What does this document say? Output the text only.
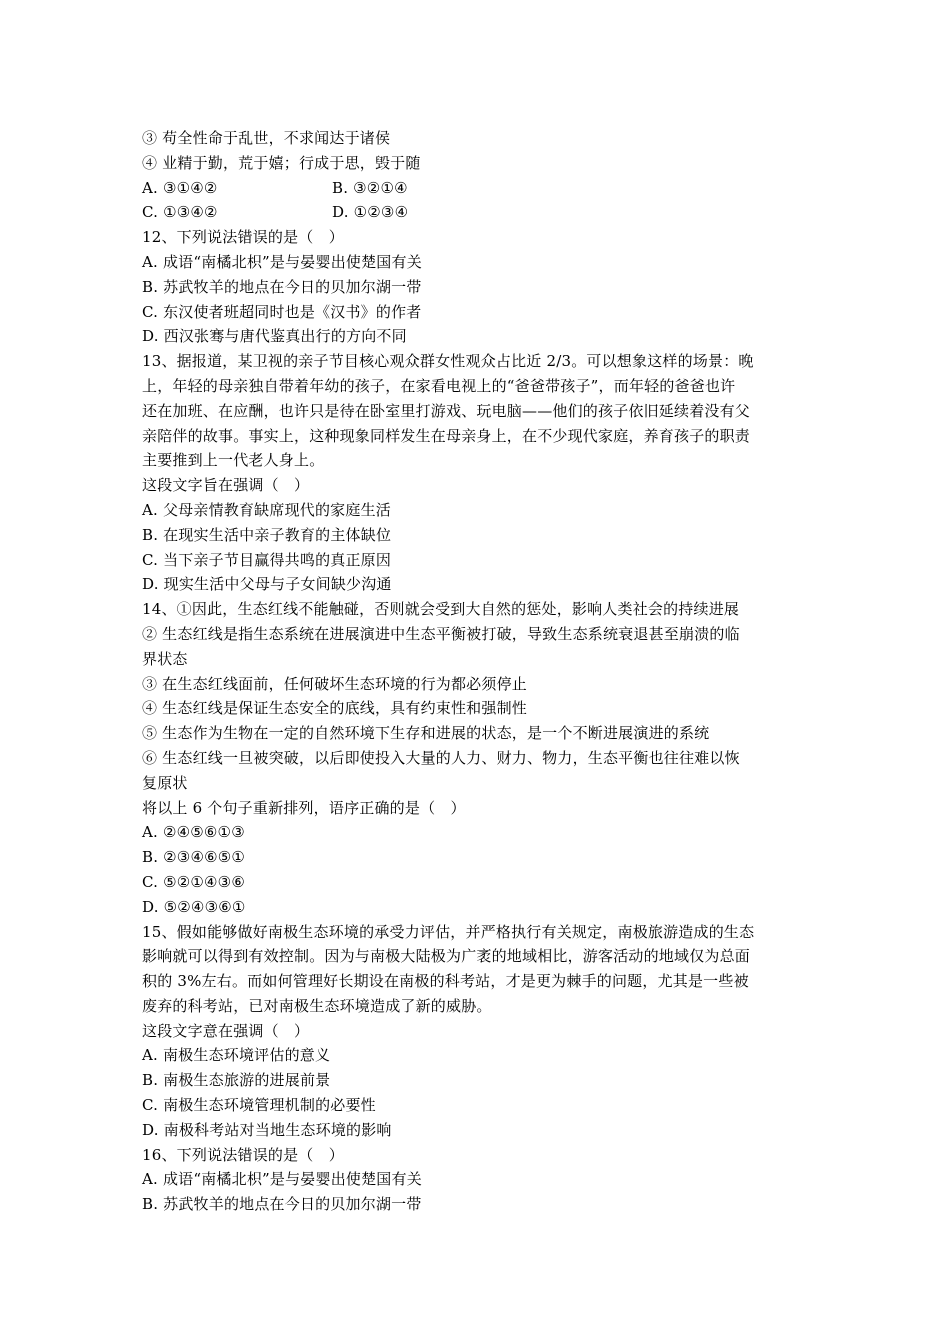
③ 苟全性命于乱世，不求闻达于诸侯
④ 业精于勤，荒于嬉；行成于思，毁于随
A. ③①④②	B. ③②①④
C. ①③④②	D. ①②③④
12、下列说法错误的是（　）
A. 成语“南橘北枳”是与晏婴出使楚国有关
B. 苏武牧羊的地点在今日的贝加尔湖一带
C. 东汉使者班超同时也是《汉书》的作者
D. 西汉张骞与唐代鉴真出行的方向不同
13、据报道，某卫视的亲子节目核心观众群女性观众占比近 2/3。可以想象这样的场景：晚
上，年轻的母亲独自带着年幼的孩子，在家看电视上的“爸爸带孩子”，而年轻的爸爸也许
还在加班、在应酬，也许只是待在卧室里打游戏、玩电脑——他们的孩子依旧延续着没有父
亲陪伴的故事。事实上，这种现象同样发生在母亲身上，在不少现代家庭，养育孩子的职责
主要推到上一代老人身上。
这段文字旨在强调（　）
A. 父母亲情教育缺席现代的家庭生活
B. 在现实生活中亲子教育的主体缺位
C. 当下亲子节目赢得共鸣的真正原因
D. 现实生活中父母与子女间缺少沟通
14、①因此，生态红线不能触碰，否则就会受到大自然的惩处，影响人类社会的持续进展
② 生态红线是指生态系统在进展演进中生态平衡被打破，导致生态系统衰退甚至崩溃的临
界状态
③ 在生态红线面前，任何破坏生态环境的行为都必须停止
④ 生态红线是保证生态安全的底线，具有约束性和强制性
⑤ 生态作为生物在一定的自然环境下生存和进展的状态，是一个不断进展演进的系统
⑥ 生态红线一旦被突破，以后即使投入大量的人力、财力、物力，生态平衡也往往难以恢
复原状
将以上 6 个句子重新排列，语序正确的是（　）
A. ②④⑤⑥①③
B. ②③④⑥⑤①
C. ⑤②①④③⑥
D. ⑤②④③⑥①
15、假如能够做好南极生态环境的承受力评估，并严格执行有关规定，南极旅游造成的生态
影响就可以得到有效控制。因为与南极大陆极为广袤的地域相比，游客活动的地域仅为总面
积的 3%左右。而如何管理好长期设在南极的科考站，才是更为棘手的问题，尤其是一些被
废弃的科考站，已对南极生态环境造成了新的威胁。
这段文字意在强调（　）
A. 南极生态环境评估的意义
B. 南极生态旅游的进展前景
C. 南极生态环境管理机制的必要性
D. 南极科考站对当地生态环境的影响
16、下列说法错误的是（　）
A. 成语“南橘北枳”是与晏婴出使楚国有关
B. 苏武牧羊的地点在今日的贝加尔湖一带
